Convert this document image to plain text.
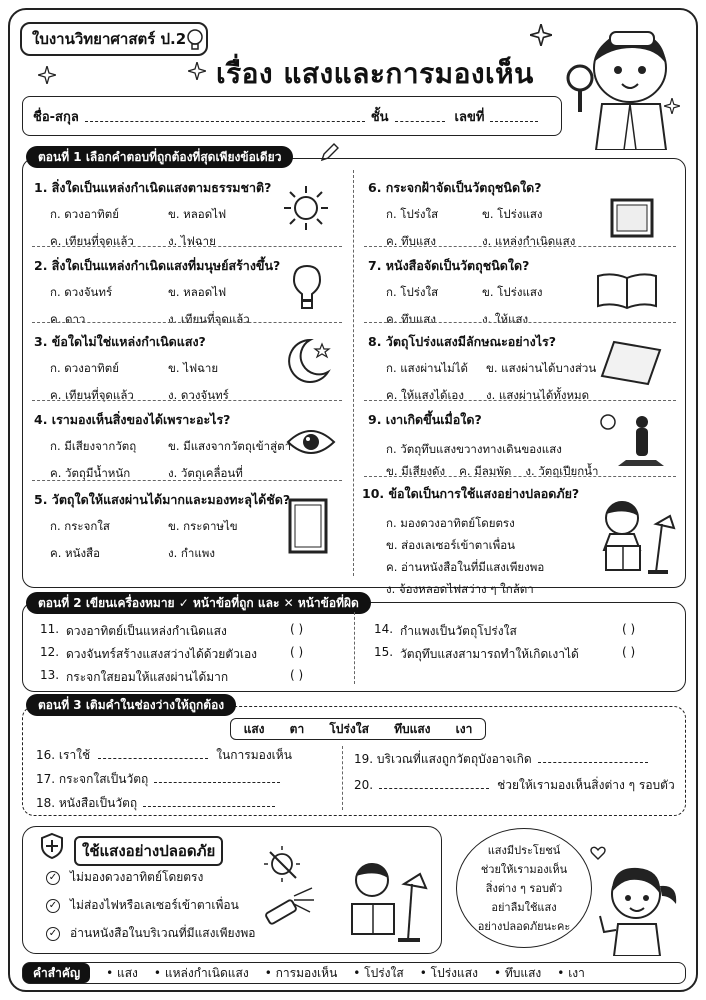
ใบงานวิทยาศาสตร์ ป.2
เรื่อง แสงและการมองเห็น
ชื่อ-สกุล	ชั้น	เลขที่
ตอนที่ 1 เลือกคำตอบที่ถูกต้องที่สุดเพียงข้อเดียว
1. สิ่งใดเป็นแหล่งกำเนิดแสงตามธรรมชาติ?
ก. ดวงอาทิตย์	ข. หลอดไฟ
ค. เทียนที่จุดแล้ว	ง. ไฟฉาย
2. สิ่งใดเป็นแหล่งกำเนิดแสงที่มนุษย์สร้างขึ้น?
ก. ดวงจันทร์	ข. หลอดไฟ
ค. ดาว	ง. เทียนที่จุดแล้ว
3. ข้อใดไม่ใช่แหล่งกำเนิดแสง?
ก. ดวงอาทิตย์	ข. ไฟฉาย
ค. เทียนที่จุดแล้ว	ง. ดวงจันทร์
4. เรามองเห็นสิ่งของได้เพราะอะไร?
ก. มีเสียงจากวัตถุ	ข. มีแสงจากวัตถุเข้าสู่ตา
ค. วัตถุมีน้ำหนัก	ง. วัตถุเคลื่อนที่
5. วัตถุใดให้แสงผ่านได้มากและมองทะลุได้ชัด?
ก. กระจกใส	ข. กระดาษไข
ค. หนังสือ	ง. กำแพง
6. กระจกฝ้าจัดเป็นวัตถุชนิดใด?
ก. โปร่งใส	ข. โปร่งแสง
ค. ทึบแสง	ง. แหล่งกำเนิดแสง
7. หนังสือจัดเป็นวัตถุชนิดใด?
ก. โปร่งใส	ข. โปร่งแสง
ค. ทึบแสง	ง. ให้แสง
8. วัตถุโปร่งแสงมีลักษณะอย่างไร?
ก. แสงผ่านไม่ได้	ข. แสงผ่านได้บางส่วน
ค. ให้แสงได้เอง	ง. แสงผ่านได้ทั้งหมด
9. เงาเกิดขึ้นเมื่อใด?
ก. วัตถุทึบแสงขวางทางเดินของแสง
ข. มีเสียงดัง ค. มีลมพัด ง. วัตถุเปียกน้ำ
10. ข้อใดเป็นการใช้แสงอย่างปลอดภัย?
ก. มองดวงอาทิตย์โดยตรง
ข. ส่องเลเซอร์เข้าตาเพื่อน
ค. อ่านหนังสือในที่มีแสงเพียงพอ
ง. จ้องหลอดไฟสว่าง ๆ ใกล้ตา
ตอนที่ 2 เขียนเครื่องหมาย ✓ หน้าข้อที่ถูก และ ✕ หน้าข้อที่ผิด
11. ดวงอาทิตย์เป็นแหล่งกำเนิดแสง	( )
12. ดวงจันทร์สร้างแสงสว่างได้ด้วยตัวเอง	( )
13. กระจกใสยอมให้แสงผ่านได้มาก	( )
14. กำแพงเป็นวัตถุโปร่งใส	( )
15. วัตถุทึบแสงสามารถทำให้เกิดเงาได้	( )
ตอนที่ 3 เติมคำในช่องว่างให้ถูกต้อง
แสง ตา โปร่งใส ทึบแสง เงา
16. เราใช้	ในการมองเห็น
17. กระจกใสเป็นวัตถุ
18. หนังสือเป็นวัตถุ
19. บริเวณที่แสงถูกวัตถุบังอาจเกิด
20.	ช่วยให้เรามองเห็นสิ่งต่าง ๆ รอบตัว
ใช้แสงอย่างปลอดภัย
✓ ไม่มองดวงอาทิตย์โดยตรง
✓ ไม่ส่องไฟหรือเลเซอร์เข้าตาเพื่อน
✓ อ่านหนังสือในบริเวณที่มีแสงเพียงพอ
แสงมีประโยชน์
ช่วยให้เรามองเห็น
สิ่งต่าง ๆ รอบตัว
อย่าลืมใช้แสง
อย่างปลอดภัยนะคะ
คำสำคัญ	• แสง	• แหล่งกำเนิดแสง	• การมองเห็น	• โปร่งใส	• โปร่งแสง	• ทึบแสง	• เงา
